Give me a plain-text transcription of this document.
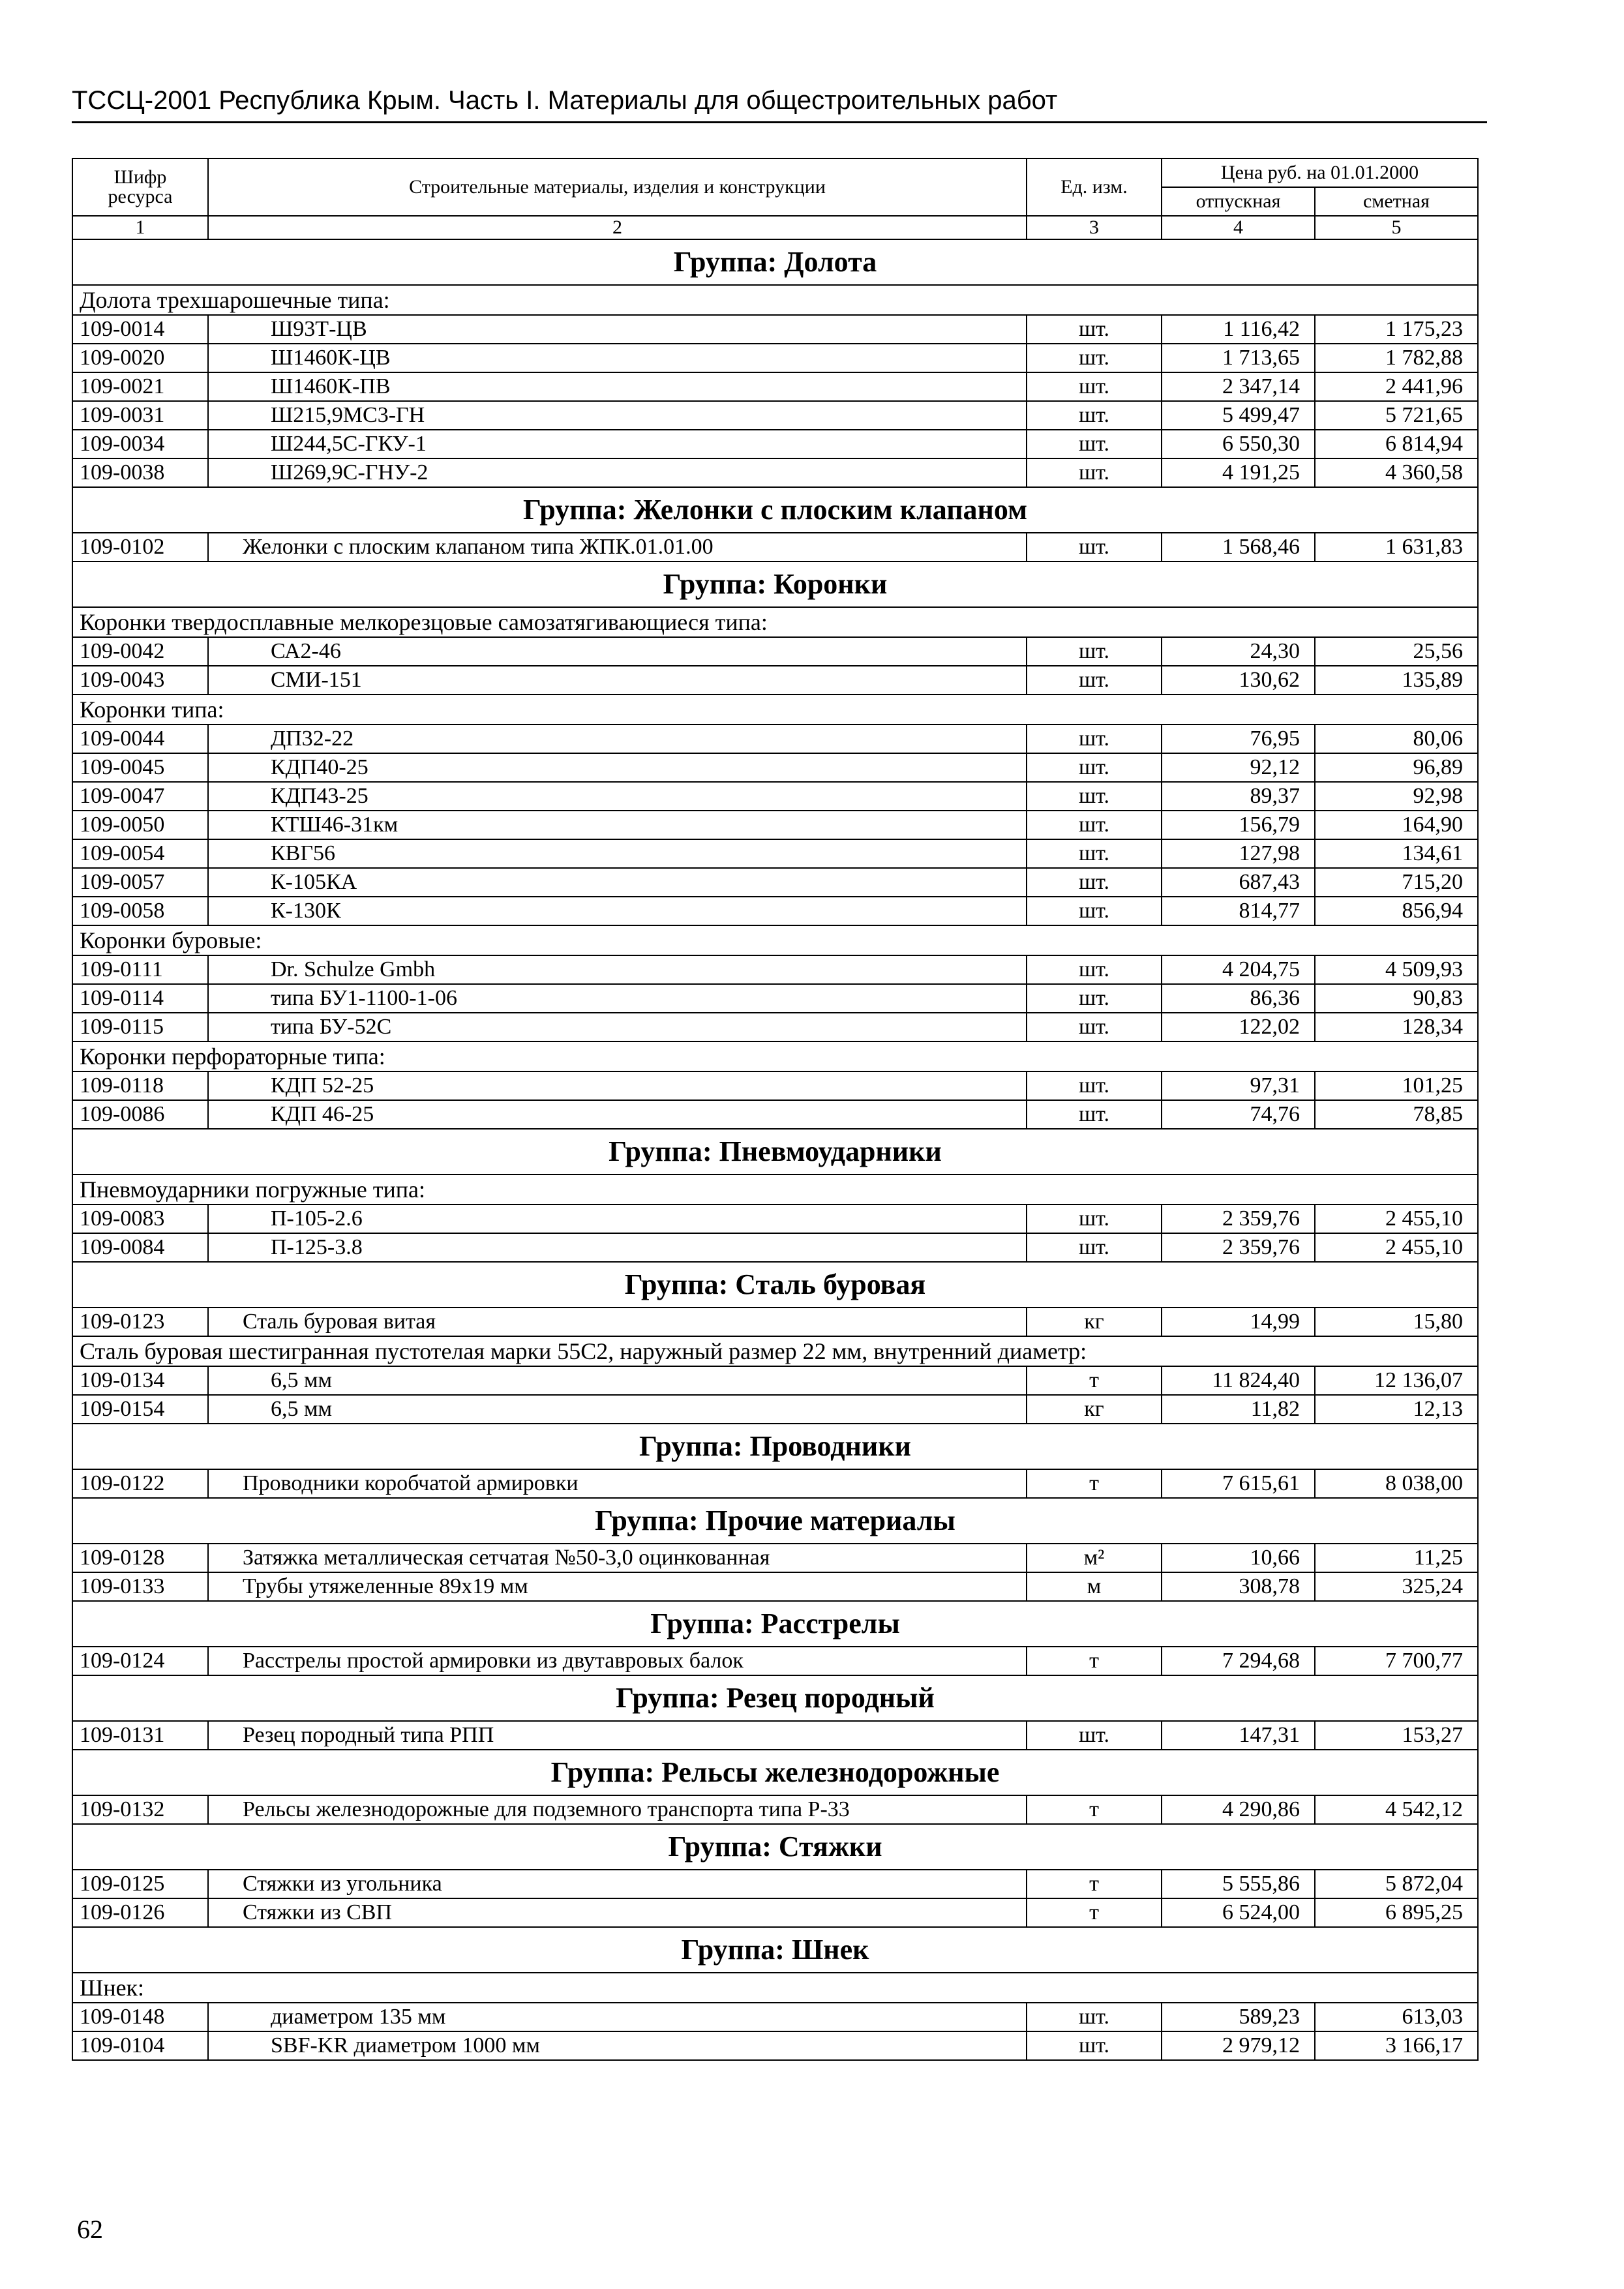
ТССЦ-2001 Республика Крым. Часть I. Материалы для общестроительных работ
Шифр ресурса	Строительные материалы, изделия и конструкции	Ед. изм.	Цена руб. на 01.01.2000	
			отпускная	сметная
1	2	3	4	5
Группа: Долота				
Долота трехшарошечные типа:				
109-0014	Ш93Т-ЦВ	шт.	1 116,42	1 175,23
109-0020	Ш1460К-ЦВ	шт.	1 713,65	1 782,88
109-0021	Ш1460К-ПВ	шт.	2 347,14	2 441,96
109-0031	Ш215,9МС3-ГН	шт.	5 499,47	5 721,65
109-0034	Ш244,5С-ГКУ-1	шт.	6 550,30	6 814,94
109-0038	Ш269,9С-ГНУ-2	шт.	4 191,25	4 360,58
Группа: Желонки с плоским клапаном				
109-0102	Желонки с плоским клапаном типа ЖПК.01.01.00	шт.	1 568,46	1 631,83
Группа: Коронки				
Коронки твердосплавные мелкорезцовые самозатягивающиеся типа:				
109-0042	СА2-46	шт.	24,30	25,56
109-0043	СМИ-151	шт.	130,62	135,89
Коронки типа:				
109-0044	ДП32-22	шт.	76,95	80,06
109-0045	КДП40-25	шт.	92,12	96,89
109-0047	КДП43-25	шт.	89,37	92,98
109-0050	КТШ46-31км	шт.	156,79	164,90
109-0054	КВГ56	шт.	127,98	134,61
109-0057	К-105КА	шт.	687,43	715,20
109-0058	К-130К	шт.	814,77	856,94
Коронки буровые:				
109-0111	Dr. Schulze Gmbh	шт.	4 204,75	4 509,93
109-0114	типа БУ1-1100-1-06	шт.	86,36	90,83
109-0115	типа БУ-52С	шт.	122,02	128,34
Коронки перфораторные типа:				
109-0118	КДП 52-25	шт.	97,31	101,25
109-0086	КДП 46-25	шт.	74,76	78,85
Группа: Пневмоударники				
Пневмоударники погружные типа:				
109-0083	П-105-2.6	шт.	2 359,76	2 455,10
109-0084	П-125-3.8	шт.	2 359,76	2 455,10
Группа: Сталь буровая				
109-0123	Сталь буровая витая	кг	14,99	15,80
Сталь буровая шестигранная пустотелая марки 55С2, наружный размер 22 мм, внутренний диаметр:				
109-0134	6,5 мм	т	11 824,40	12 136,07
109-0154	6,5 мм	кг	11,82	12,13
Группа: Проводники				
109-0122	Проводники коробчатой армировки	т	7 615,61	8 038,00
Группа: Прочие материалы				
109-0128	Затяжка металлическая сетчатая №50-3,0 оцинкованная	м²	10,66	11,25
109-0133	Трубы утяжеленные 89х19 мм	м	308,78	325,24
Группа: Расстрелы				
109-0124	Расстрелы простой армировки из двутавровых балок	т	7 294,68	7 700,77
Группа: Резец породный				
109-0131	Резец породный типа РПП	шт.	147,31	153,27
Группа: Рельсы железнодорожные				
109-0132	Рельсы железнодорожные для подземного транспорта типа Р-33	т	4 290,86	4 542,12
Группа: Стяжки				
109-0125	Стяжки из угольника	т	5 555,86	5 872,04
109-0126	Стяжки из СВП	т	6 524,00	6 895,25
Группа: Шнек				
Шнек:				
109-0148	диаметром 135 мм	шт.	589,23	613,03
109-0104	SBF-KR диаметром 1000 мм	шт.	2 979,12	3 166,17
62
